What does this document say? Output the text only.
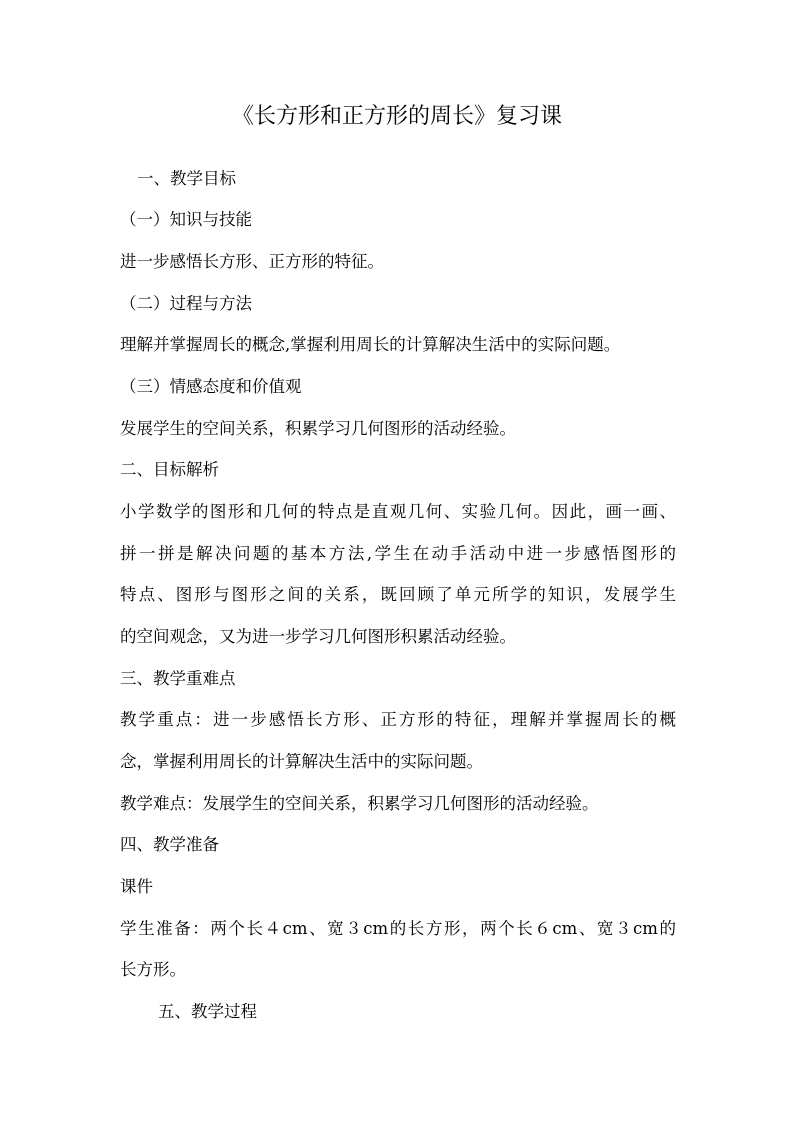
《长方形和正方形的周长》复习课
一、教学目标
（一）知识与技能
进一步感悟长方形、正方形的特征。
（二）过程与方法
理解并掌握周长的概念,掌握利用周长的计算解决生活中的实际问题。
（三）情感态度和价值观
发展学生的空间关系，积累学习几何图形的活动经验。
二、目标解析
小学数学的图形和几何的特点是直观几何、实验几何。因此，画一画、
拼一拼是解决问题的基本方法,学生在动手活动中进一步感悟图形的
特点、图形与图形之间的关系，既回顾了单元所学的知识，发展学生
的空间观念，又为进一步学习几何图形积累活动经验。
三、教学重难点
教学重点：进一步感悟长方形、正方形的特征，理解并掌握周长的概
念，掌握利用周长的计算解决生活中的实际问题。
教学难点：发展学生的空间关系，积累学习几何图形的活动经验。
四、教学准备
课件
学生准备：两个长４cm、宽３cm的长方形，两个长６cm、宽３cm的
长方形。
五、教学过程
